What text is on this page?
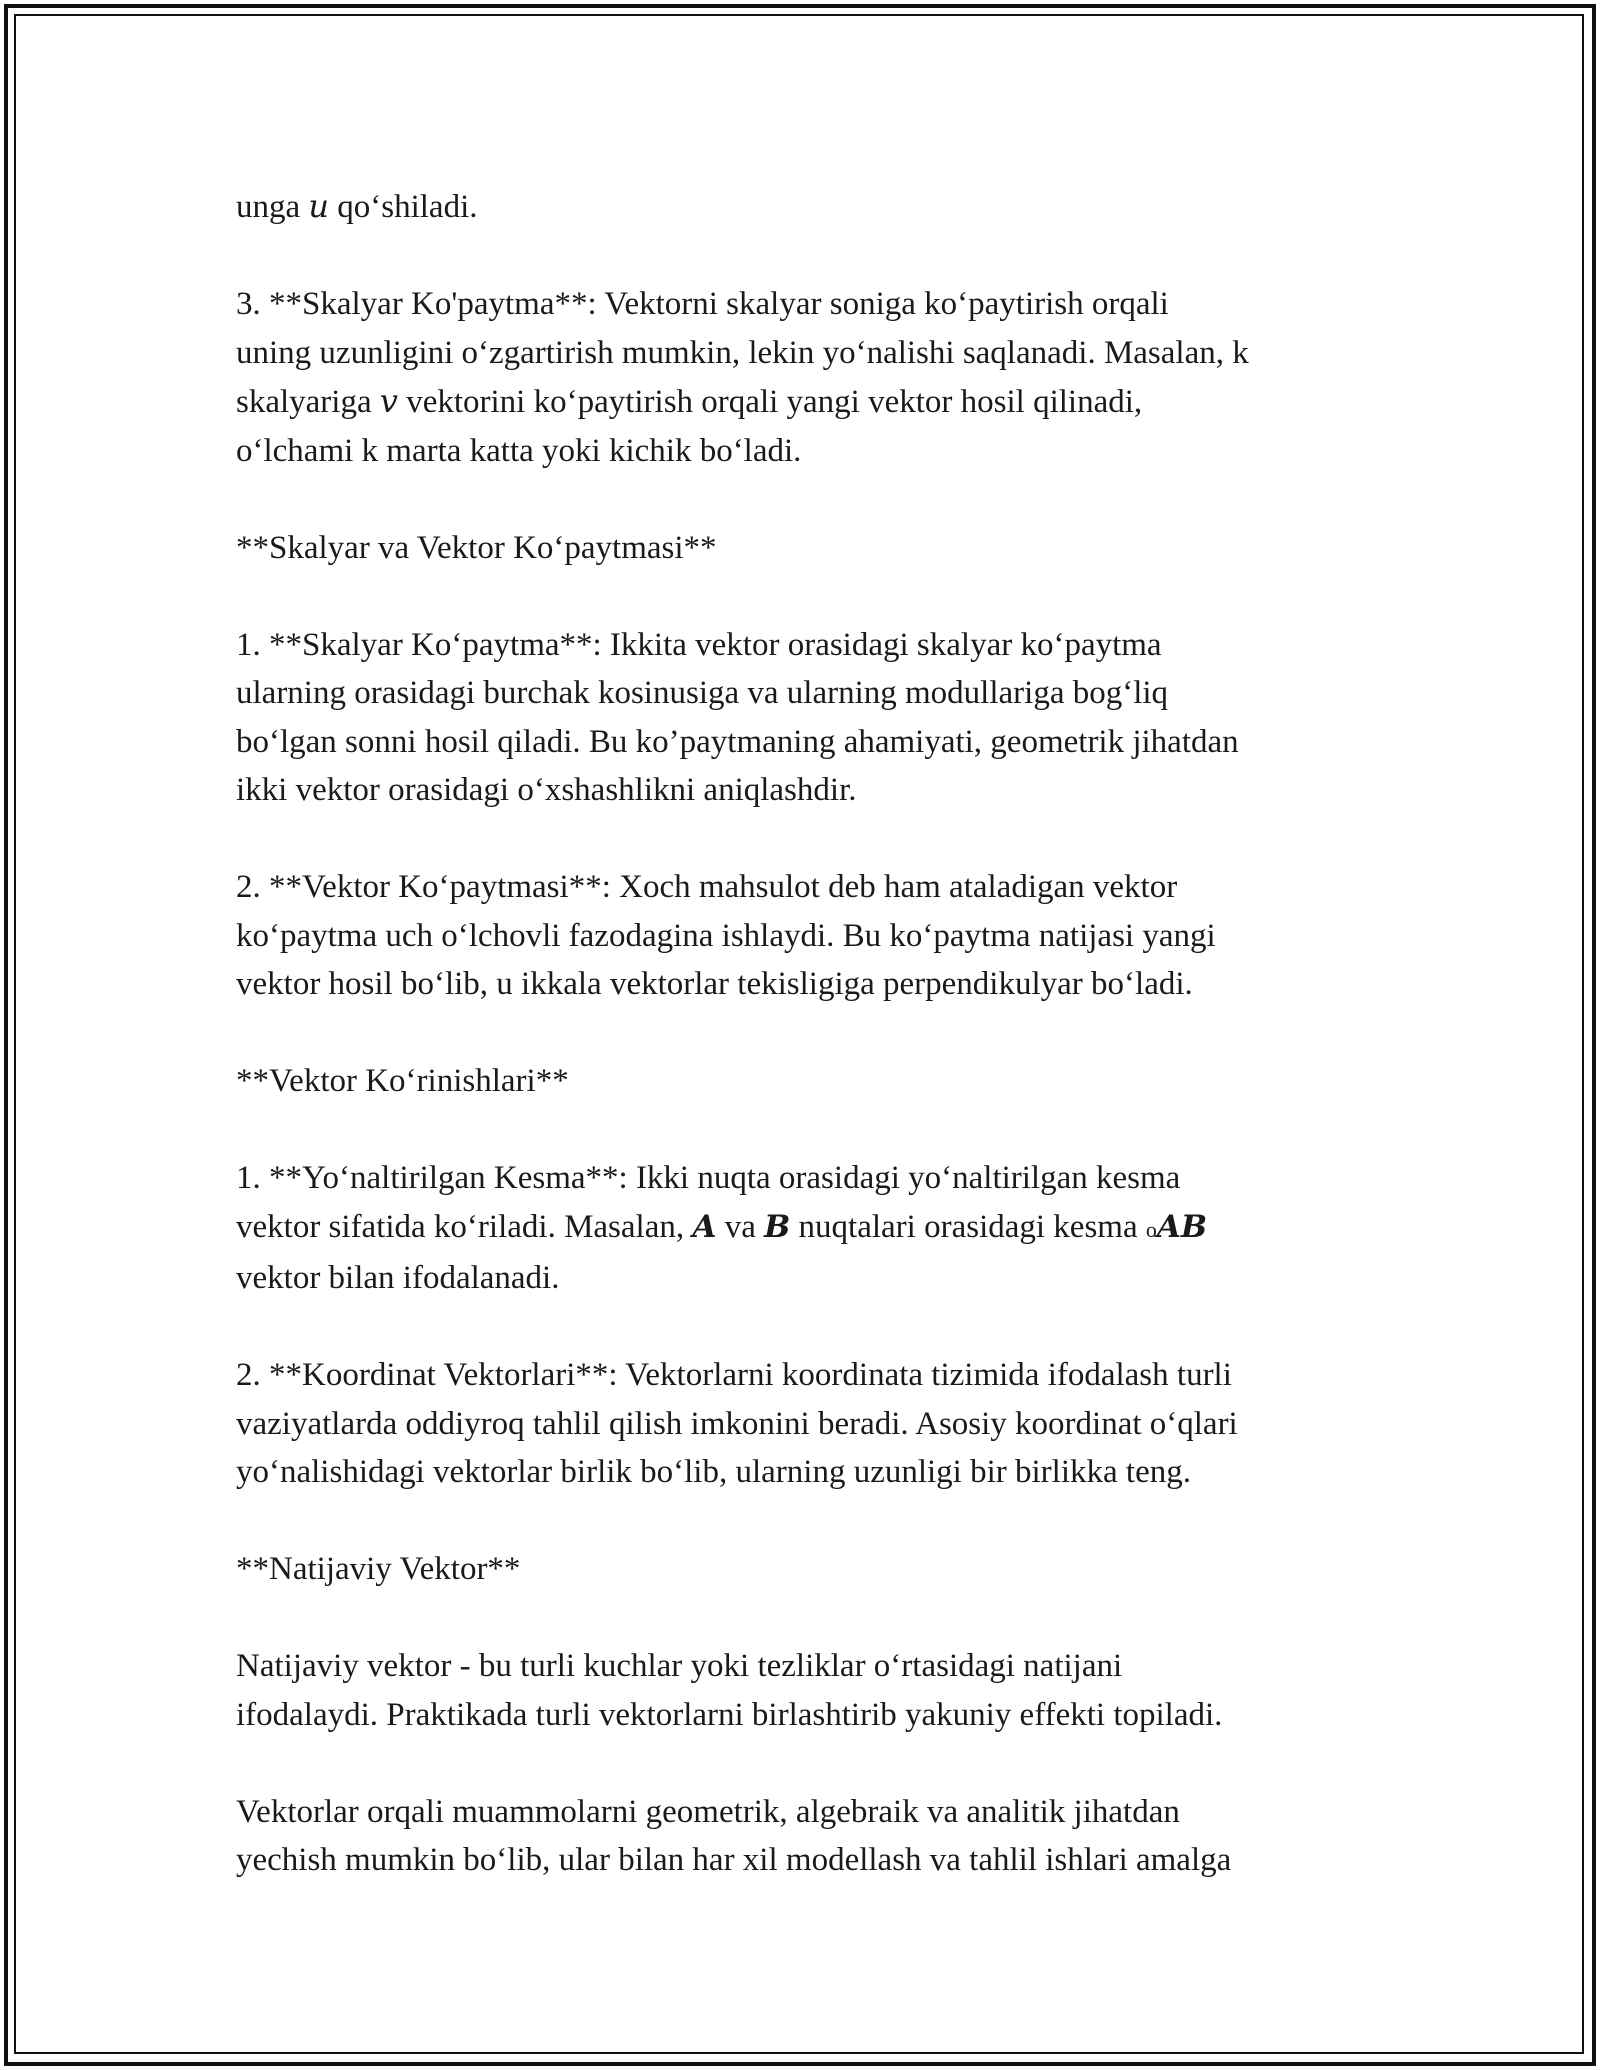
unga u qo‘shiladi.

3. **Skalyar Ko'paytma**: Vektorni skalyar soniga ko‘paytirish orqali
uning uzunligini o‘zgartirish mumkin, lekin yo‘nalishi saqlanadi. Masalan, k
skalyariga v vektorini ko‘paytirish orqali yangi vektor hosil qilinadi,
o‘lchami k marta katta yoki kichik bo‘ladi.

**Skalyar va Vektor Ko‘paytmasi**

1. **Skalyar Ko‘paytma**: Ikkita vektor orasidagi skalyar ko‘paytma
ularning orasidagi burchak kosinusiga va ularning modullariga bog‘liq
bo‘lgan sonni hosil qiladi. Bu ko’paytmaning ahamiyati, geometrik jihatdan
ikki vektor orasidagi o‘xshashlikni aniqlashdir.

2. **Vektor Ko‘paytmasi**: Xoch mahsulot deb ham ataladigan vektor
ko‘paytma uch o‘lchovli fazodagina ishlaydi. Bu ko‘paytma natijasi yangi
vektor hosil bo‘lib, u ikkala vektorlar tekisligiga perpendikulyar bo‘ladi.

**Vektor Ko‘rinishlari**

1. **Yo‘naltirilgan Kesma**: Ikki nuqta orasidagi yo‘naltirilgan kesma
vektor sifatida ko‘riladi. Masalan, A va B nuqtalari orasidagi kesma oAB
vektor bilan ifodalanadi.

2. **Koordinat Vektorlari**: Vektorlarni koordinata tizimida ifodalash turli
vaziyatlarda oddiyroq tahlil qilish imkonini beradi. Asosiy koordinat o‘qlari
yo‘nalishidagi vektorlar birlik bo‘lib, ularning uzunligi bir birlikka teng.

**Natijaviy Vektor**

Natijaviy vektor - bu turli kuchlar yoki tezliklar o‘rtasidagi natijani
ifodalaydi. Praktikada turli vektorlarni birlashtirib yakuniy effekti topiladi.

Vektorlar orqali muammolarni geometrik, algebraik va analitik jihatdan
yechish mumkin bo‘lib, ular bilan har xil modellash va tahlil ishlari amalga
